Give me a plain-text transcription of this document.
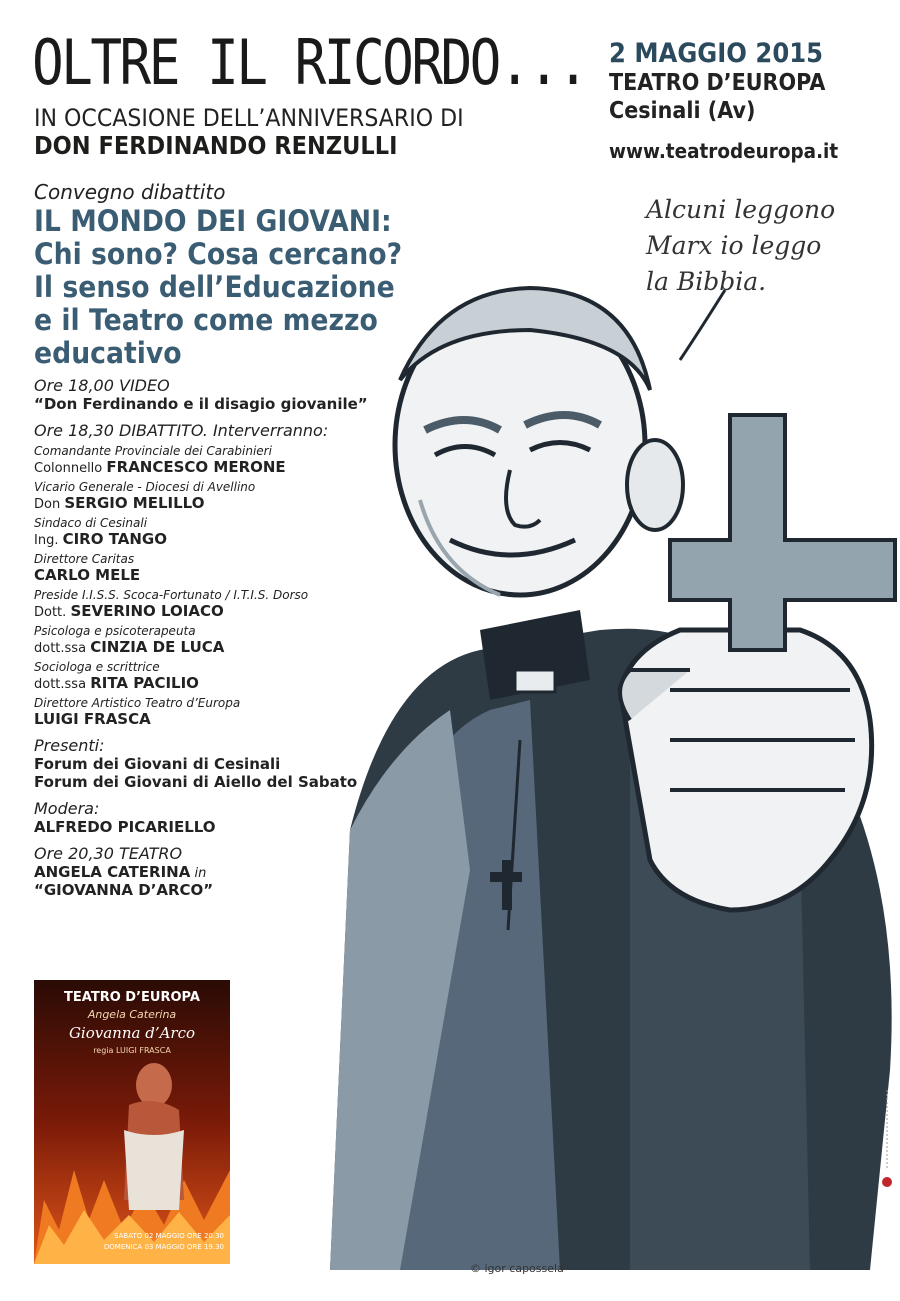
OLTRE IL RICORDO...
IN OCCASIONE DELL’ANNIVERSARIO DI
DON FERDINANDO RENZULLI
2 MAGGIO 2015
TEATRO D’EUROPA
Cesinali (Av)
www.teatrodeuropa.it
Convegno dibattito
IL MONDO DEI GIOVANI:
Chi sono? Cosa cercano?
Il senso dell’Educazione
e il Teatro come mezzo
educativo
Ore 18,00 VIDEO
“Don Ferdinando e il disagio giovanile”
Ore 18,30 DIBATTITO. Interverranno:
Comandante Provinciale dei Carabinieri
Colonnello FRANCESCO MERONE
Vicario Generale - Diocesi di Avellino
Don SERGIO MELILLO
Sindaco di Cesinali
Ing. CIRO TANGO
Direttore Caritas
CARLO MELE
Preside I.I.S.S. Scoca-Fortunato / I.T.I.S. Dorso
Dott. SEVERINO LOIACO
Psicologa e psicoterapeuta
dott.ssa CINZIA DE LUCA
Sociologa e scrittrice
dott.ssa RITA PACILIO
Direttore Artistico Teatro d’Europa
LUIGI FRASCA
Presenti:
Forum dei Giovani di Cesinali
Forum dei Giovani di Aiello del Sabato
Modera:
ALFREDO PICARIELLO
Ore 20,30 TEATRO
ANGELA CATERINA in
“GIOVANNA D’ARCO”
Alcuni leggono
Marx io leggo
la Bibbia.
TEATRO D’EUROPA
Angela Caterina
Giovanna d’Arco
regia LUIGI FRASCA
SABATO 02 MAGGIO ORE 20.30
DOMENICA 03 MAGGIO ORE 19.30
© igor capossela
